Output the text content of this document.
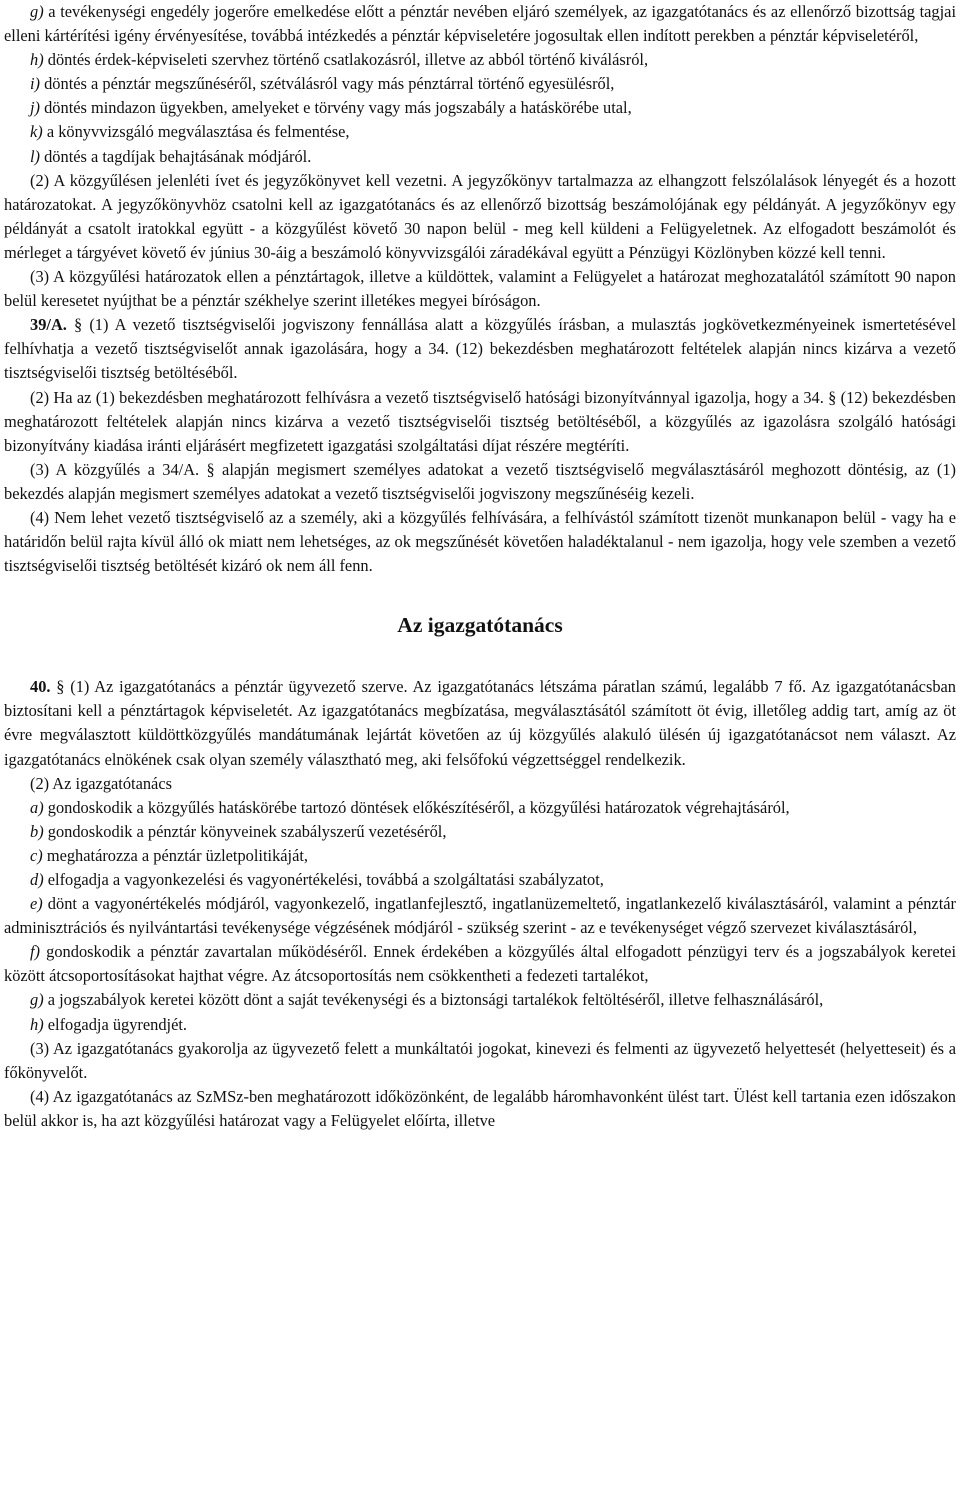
g) a tevékenységi engedély jogerőre emelkedése előtt a pénztár nevében eljáró személyek, az igazgatótanács és az ellenőrző bizottság tagjai elleni kártérítési igény érvényesítése, továbbá intézkedés a pénztár képviseletére jogosultak ellen indított perekben a pénztár képviseletéről,

h) döntés érdek-képviseleti szervhez történő csatlakozásról, illetve az abból történő kiválásról,

i) döntés a pénztár megszűnéséről, szétválásról vagy más pénztárral történő egyesülésről,

j) döntés mindazon ügyekben, amelyeket e törvény vagy más jogszabály a hatáskörébe utal,

k) a könyvvizsgáló megválasztása és felmentése,

l) döntés a tagdíjak behajtásának módjáról.

(2) A közgyűlésen jelenléti ívet és jegyzőkönyvet kell vezetni. A jegyzőkönyv tartalmazza az elhangzott felszólalások lényegét és a hozott határozatokat. A jegyzőkönyvhöz csatolni kell az igazgatótanács és az ellenőrző bizottság beszámolójának egy példányát. A jegyzőkönyv egy példányát a csatolt iratokkal együtt - a közgyűlést követő 30 napon belül - meg kell küldeni a Felügyeletnek. Az elfogadott beszámolót és mérleget a tárgyévet követő év június 30-áig a beszámoló könyvvizsgálói záradékával együtt a Pénzügyi Közlönyben közzé kell tenni.

(3) A közgyűlési határozatok ellen a pénztártagok, illetve a küldöttek, valamint a Felügyelet a határozat meghozatalától számított 90 napon belül keresetet nyújthat be a pénztár székhelye szerint illetékes megyei bíróságon.

39/A. § (1) A vezető tisztségviselői jogviszony fennállása alatt a közgyűlés írásban, a mulasztás jogkövetkezményeinek ismertetésével felhívhatja a vezető tisztségviselőt annak igazolására, hogy a 34. (12) bekezdésben meghatározott feltételek alapján nincs kizárva a vezető tisztségviselői tisztség betöltéséből.

(2) Ha az (1) bekezdésben meghatározott felhívásra a vezető tisztségviselő hatósági bizonyítvánnyal igazolja, hogy a 34. § (12) bekezdésben meghatározott feltételek alapján nincs kizárva a vezető tisztségviselői tisztség betöltéséből, a közgyűlés az igazolásra szolgáló hatósági bizonyítvány kiadása iránti eljárásért megfizetett igazgatási szolgáltatási díjat részére megtéríti.

(3) A közgyűlés a 34/A. § alapján megismert személyes adatokat a vezető tisztségviselő megválasztásáról meghozott döntésig, az (1) bekezdés alapján megismert személyes adatokat a vezető tisztségviselői jogviszony megszűnéséig kezeli.

(4) Nem lehet vezető tisztségviselő az a személy, aki a közgyűlés felhívására, a felhívástól számított tizenöt munkanapon belül - vagy ha e határidőn belül rajta kívül álló ok miatt nem lehetséges, az ok megszűnését követően haladéktalanul - nem igazolja, hogy vele szemben a vezető tisztségviselői tisztség betöltését kizáró ok nem áll fenn.

Az igazgatótanács

40. § (1) Az igazgatótanács a pénztár ügyvezető szerve. Az igazgatótanács létszáma páratlan számú, legalább 7 fő. Az igazgatótanácsban biztosítani kell a pénztártagok képviseletét. Az igazgatótanács megbízatása, megválasztásától számított öt évig, illetőleg addig tart, amíg az öt évre megválasztott küldöttközgyűlés mandátumának lejártát követően az új közgyűlés alakuló ülésén új igazgatótanácsot nem választ. Az igazgatótanács elnökének csak olyan személy választható meg, aki felsőfokú végzettséggel rendelkezik.

(2) Az igazgatótanács

a) gondoskodik a közgyűlés hatáskörébe tartozó döntések előkészítéséről, a közgyűlési határozatok végrehajtásáról,

b) gondoskodik a pénztár könyveinek szabályszerű vezetéséről,

c) meghatározza a pénztár üzletpolitikáját,

d) elfogadja a vagyonkezelési és vagyonértékelési, továbbá a szolgáltatási szabályzatot,

e) dönt a vagyonértékelés módjáról, vagyonkezelő, ingatlanfejlesztő, ingatlanüzemeltető, ingatlankezelő kiválasztásáról, valamint a pénztár adminisztrációs és nyilvántartási tevékenysége végzésének módjáról - szükség szerint - az e tevékenységet végző szervezet kiválasztásáról,

f) gondoskodik a pénztár zavartalan működéséről. Ennek érdekében a közgyűlés által elfogadott pénzügyi terv és a jogszabályok keretei között átcsoportosításokat hajthat végre. Az átcsoportosítás nem csökkentheti a fedezeti tartalékot,

g) a jogszabályok keretei között dönt a saját tevékenységi és a biztonsági tartalékok feltöltéséről, illetve felhasználásáról,

h) elfogadja ügyrendjét.

(3) Az igazgatótanács gyakorolja az ügyvezető felett a munkáltatói jogokat, kinevezi és felmenti az ügyvezető helyettesét (helyetteseit) és a főkönyvelőt.

(4) Az igazgatótanács az SzMSz-ben meghatározott időközönként, de legalább háromhavonként ülést tart. Ülést kell tartania ezen időszakon belül akkor is, ha azt közgyűlési határozat vagy a Felügyelet előírta, illetve
